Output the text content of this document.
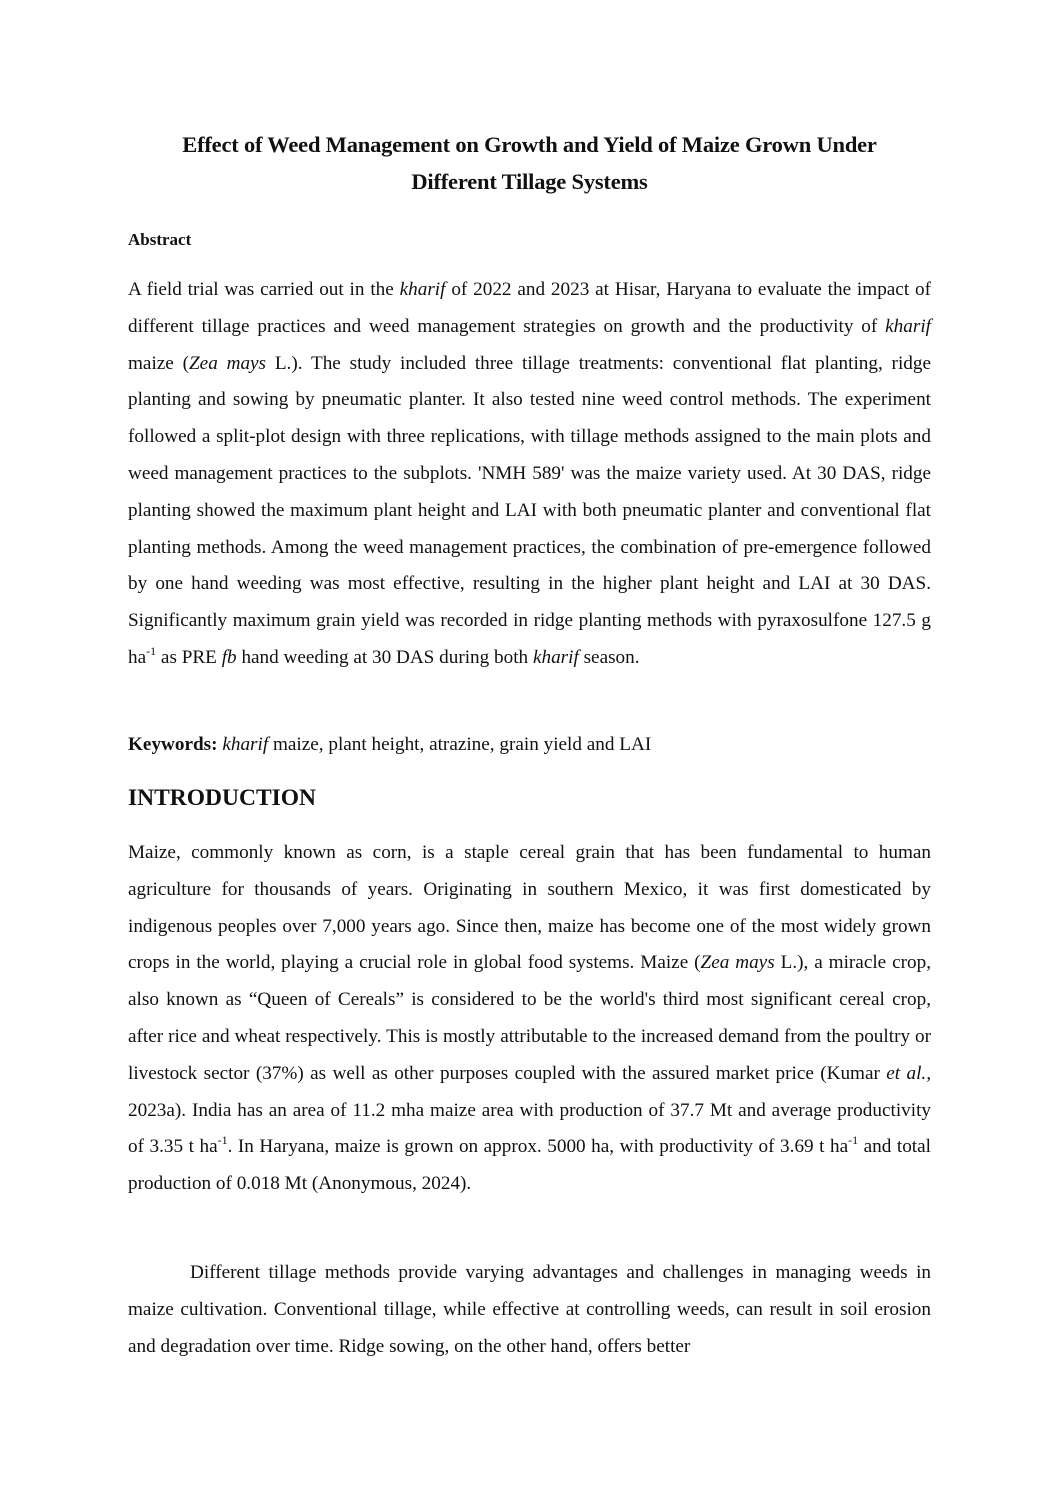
Effect of Weed Management on Growth and Yield of Maize Grown Under
Different Tillage Systems
Abstract

A field trial was carried out in the kharif of 2022 and 2023 at Hisar, Haryana to evaluate the impact of different tillage practices and weed management strategies on growth and the productivity of kharif maize (Zea mays L.). The study included three tillage treatments: conventional flat planting, ridge planting and sowing by pneumatic planter. It also tested nine weed control methods. The experiment followed a split-plot design with three replications, with tillage methods assigned to the main plots and weed management practices to the subplots. 'NMH 589' was the maize variety used. At 30 DAS, ridge planting showed the maximum plant height and LAI with both pneumatic planter and conventional flat planting methods. Among the weed management practices, the combination of pre-emergence followed by one hand weeding was most effective, resulting in the higher plant height and LAI at 30 DAS. Significantly maximum grain yield was recorded in ridge planting methods with pyraxosulfone 127.5 g $ha^{-1}$ as PRE fb hand weeding at 30 DAS during both kharif season.

Keywords: kharif maize, plant height, atrazine, grain yield and LAI

INTRODUCTION

Maize, commonly known as corn, is a staple cereal grain that has been fundamental to human agriculture for thousands of years. Originating in southern Mexico, it was first domesticated by indigenous peoples over 7,000 years ago. Since then, maize has become one of the most widely grown crops in the world, playing a crucial role in global food systems. Maize (Zea mays L.), a miracle crop, also known as “Queen of Cereals” is considered to be the world's third most significant cereal crop, after rice and wheat respectively. This is mostly attributable to the increased demand from the poultry or livestock sector (37%) as well as other purposes coupled with the assured market price (Kumar et al., 2023a). India has an area of 11.2 mha maize area with production of 37.7 Mt and average productivity of 3.35 t $ha^{-1}$. In Haryana, maize is grown on approx. 5000 ha, with productivity of 3.69 t $ha^{-1}$ and total production of 0.018 Mt (Anonymous, 2024).

Different tillage methods provide varying advantages and challenges in managing weeds in maize cultivation. Conventional tillage, while effective at controlling weeds, can result in soil erosion and degradation over time. Ridge sowing, on the other hand, offers better
